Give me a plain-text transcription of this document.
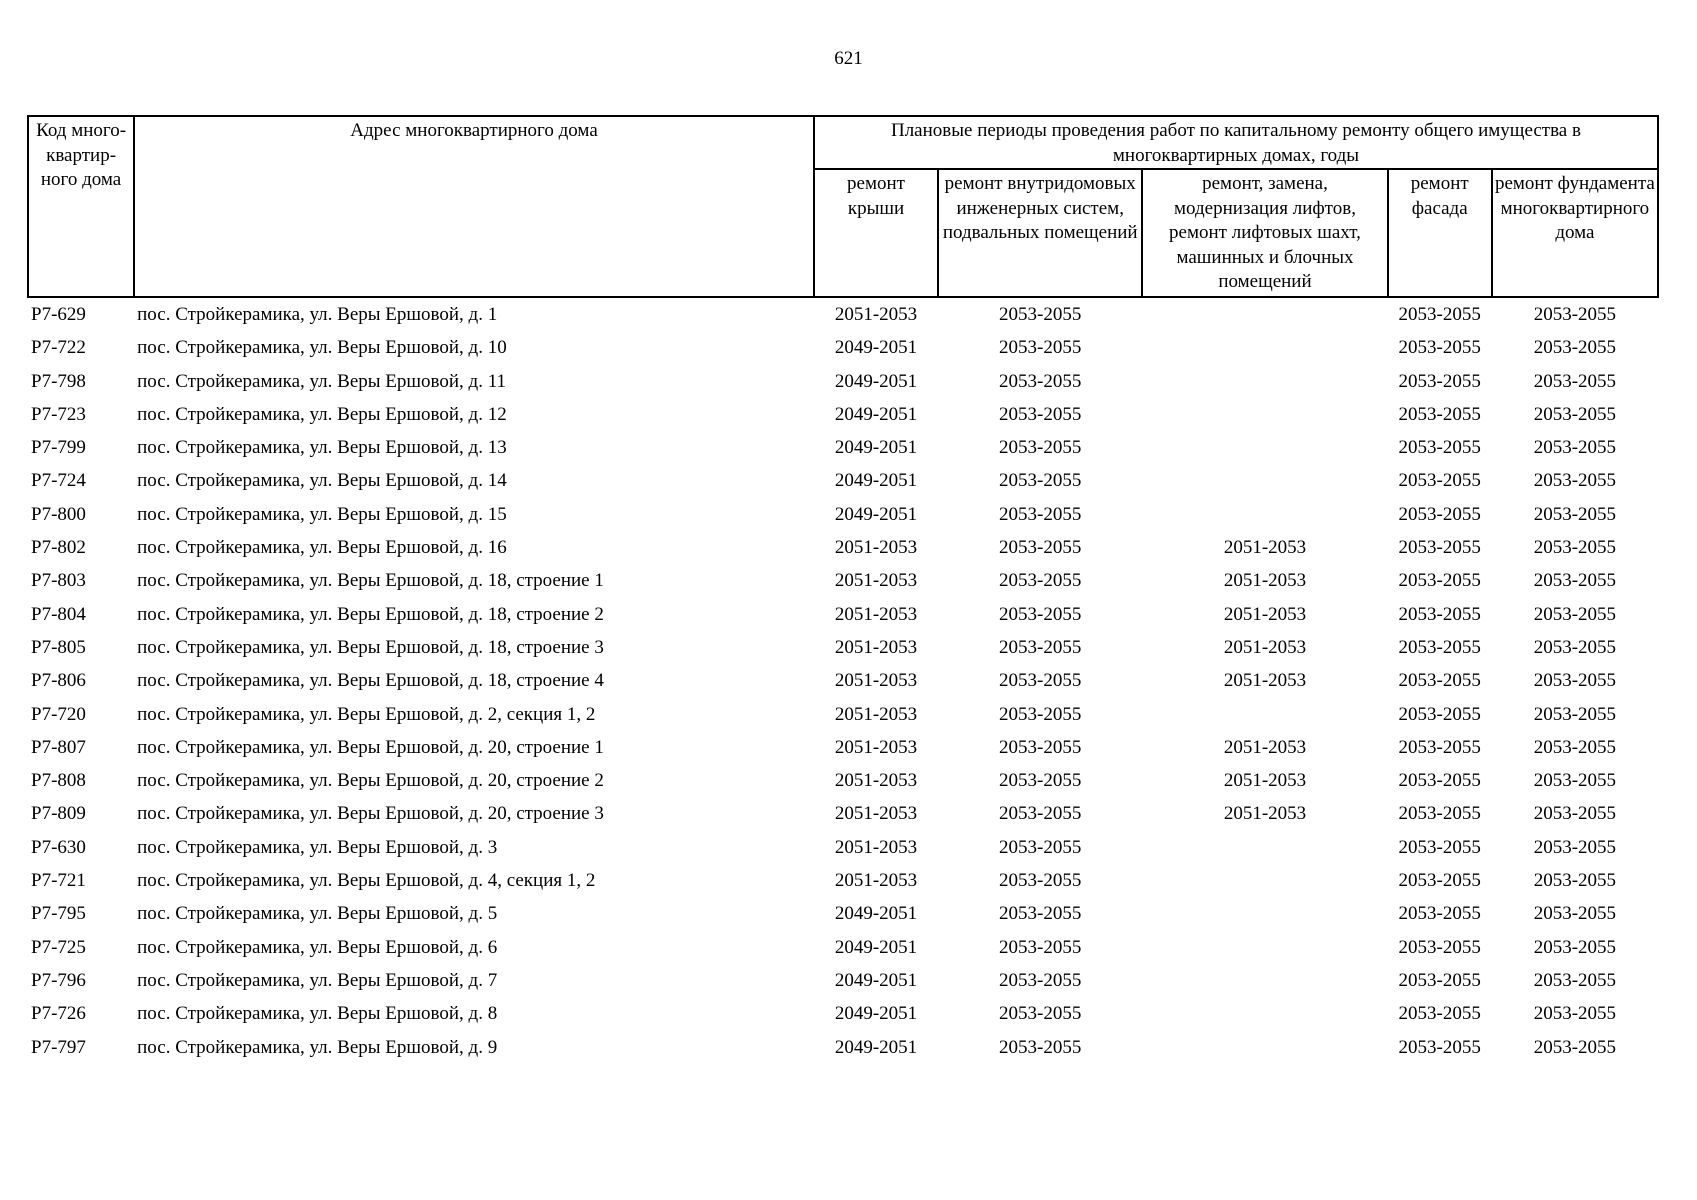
621
Код много-квартир-ного дома	Адрес многоквартирного дома	Плановые периоды проведения работ по капитальному ремонту общего имущества в многоквартирных домах, годы				
		ремонт крыши	ремонт внутридомовых инженерных систем, подвальных помещений	ремонт, замена, модернизация лифтов, ремонт лифтовых шахт, машинных и блочных помещений	ремонт фасада	ремонт фундамента многоквартирного дома
Р7-629	пос. Стройкерамика, ул. Веры Ершовой, д. 1	2051-2053	2053-2055		2053-2055	2053-2055
Р7-722	пос. Стройкерамика, ул. Веры Ершовой, д. 10	2049-2051	2053-2055		2053-2055	2053-2055
Р7-798	пос. Стройкерамика, ул. Веры Ершовой, д. 11	2049-2051	2053-2055		2053-2055	2053-2055
Р7-723	пос. Стройкерамика, ул. Веры Ершовой, д. 12	2049-2051	2053-2055		2053-2055	2053-2055
Р7-799	пос. Стройкерамика, ул. Веры Ершовой, д. 13	2049-2051	2053-2055		2053-2055	2053-2055
Р7-724	пос. Стройкерамика, ул. Веры Ершовой, д. 14	2049-2051	2053-2055		2053-2055	2053-2055
Р7-800	пос. Стройкерамика, ул. Веры Ершовой, д. 15	2049-2051	2053-2055		2053-2055	2053-2055
Р7-802	пос. Стройкерамика, ул. Веры Ершовой, д. 16	2051-2053	2053-2055	2051-2053	2053-2055	2053-2055
Р7-803	пос. Стройкерамика, ул. Веры Ершовой, д. 18, строение 1	2051-2053	2053-2055	2051-2053	2053-2055	2053-2055
Р7-804	пос. Стройкерамика, ул. Веры Ершовой, д. 18, строение 2	2051-2053	2053-2055	2051-2053	2053-2055	2053-2055
Р7-805	пос. Стройкерамика, ул. Веры Ершовой, д. 18, строение 3	2051-2053	2053-2055	2051-2053	2053-2055	2053-2055
Р7-806	пос. Стройкерамика, ул. Веры Ершовой, д. 18, строение 4	2051-2053	2053-2055	2051-2053	2053-2055	2053-2055
Р7-720	пос. Стройкерамика, ул. Веры Ершовой, д. 2, секция 1, 2	2051-2053	2053-2055		2053-2055	2053-2055
Р7-807	пос. Стройкерамика, ул. Веры Ершовой, д. 20, строение 1	2051-2053	2053-2055	2051-2053	2053-2055	2053-2055
Р7-808	пос. Стройкерамика, ул. Веры Ершовой, д. 20, строение 2	2051-2053	2053-2055	2051-2053	2053-2055	2053-2055
Р7-809	пос. Стройкерамика, ул. Веры Ершовой, д. 20, строение 3	2051-2053	2053-2055	2051-2053	2053-2055	2053-2055
Р7-630	пос. Стройкерамика, ул. Веры Ершовой, д. 3	2051-2053	2053-2055		2053-2055	2053-2055
Р7-721	пос. Стройкерамика, ул. Веры Ершовой, д. 4, секция 1, 2	2051-2053	2053-2055		2053-2055	2053-2055
Р7-795	пос. Стройкерамика, ул. Веры Ершовой, д. 5	2049-2051	2053-2055		2053-2055	2053-2055
Р7-725	пос. Стройкерамика, ул. Веры Ершовой, д. 6	2049-2051	2053-2055		2053-2055	2053-2055
Р7-796	пос. Стройкерамика, ул. Веры Ершовой, д. 7	2049-2051	2053-2055		2053-2055	2053-2055
Р7-726	пос. Стройкерамика, ул. Веры Ершовой, д. 8	2049-2051	2053-2055		2053-2055	2053-2055
Р7-797	пос. Стройкерамика, ул. Веры Ершовой, д. 9	2049-2051	2053-2055		2053-2055	2053-2055
